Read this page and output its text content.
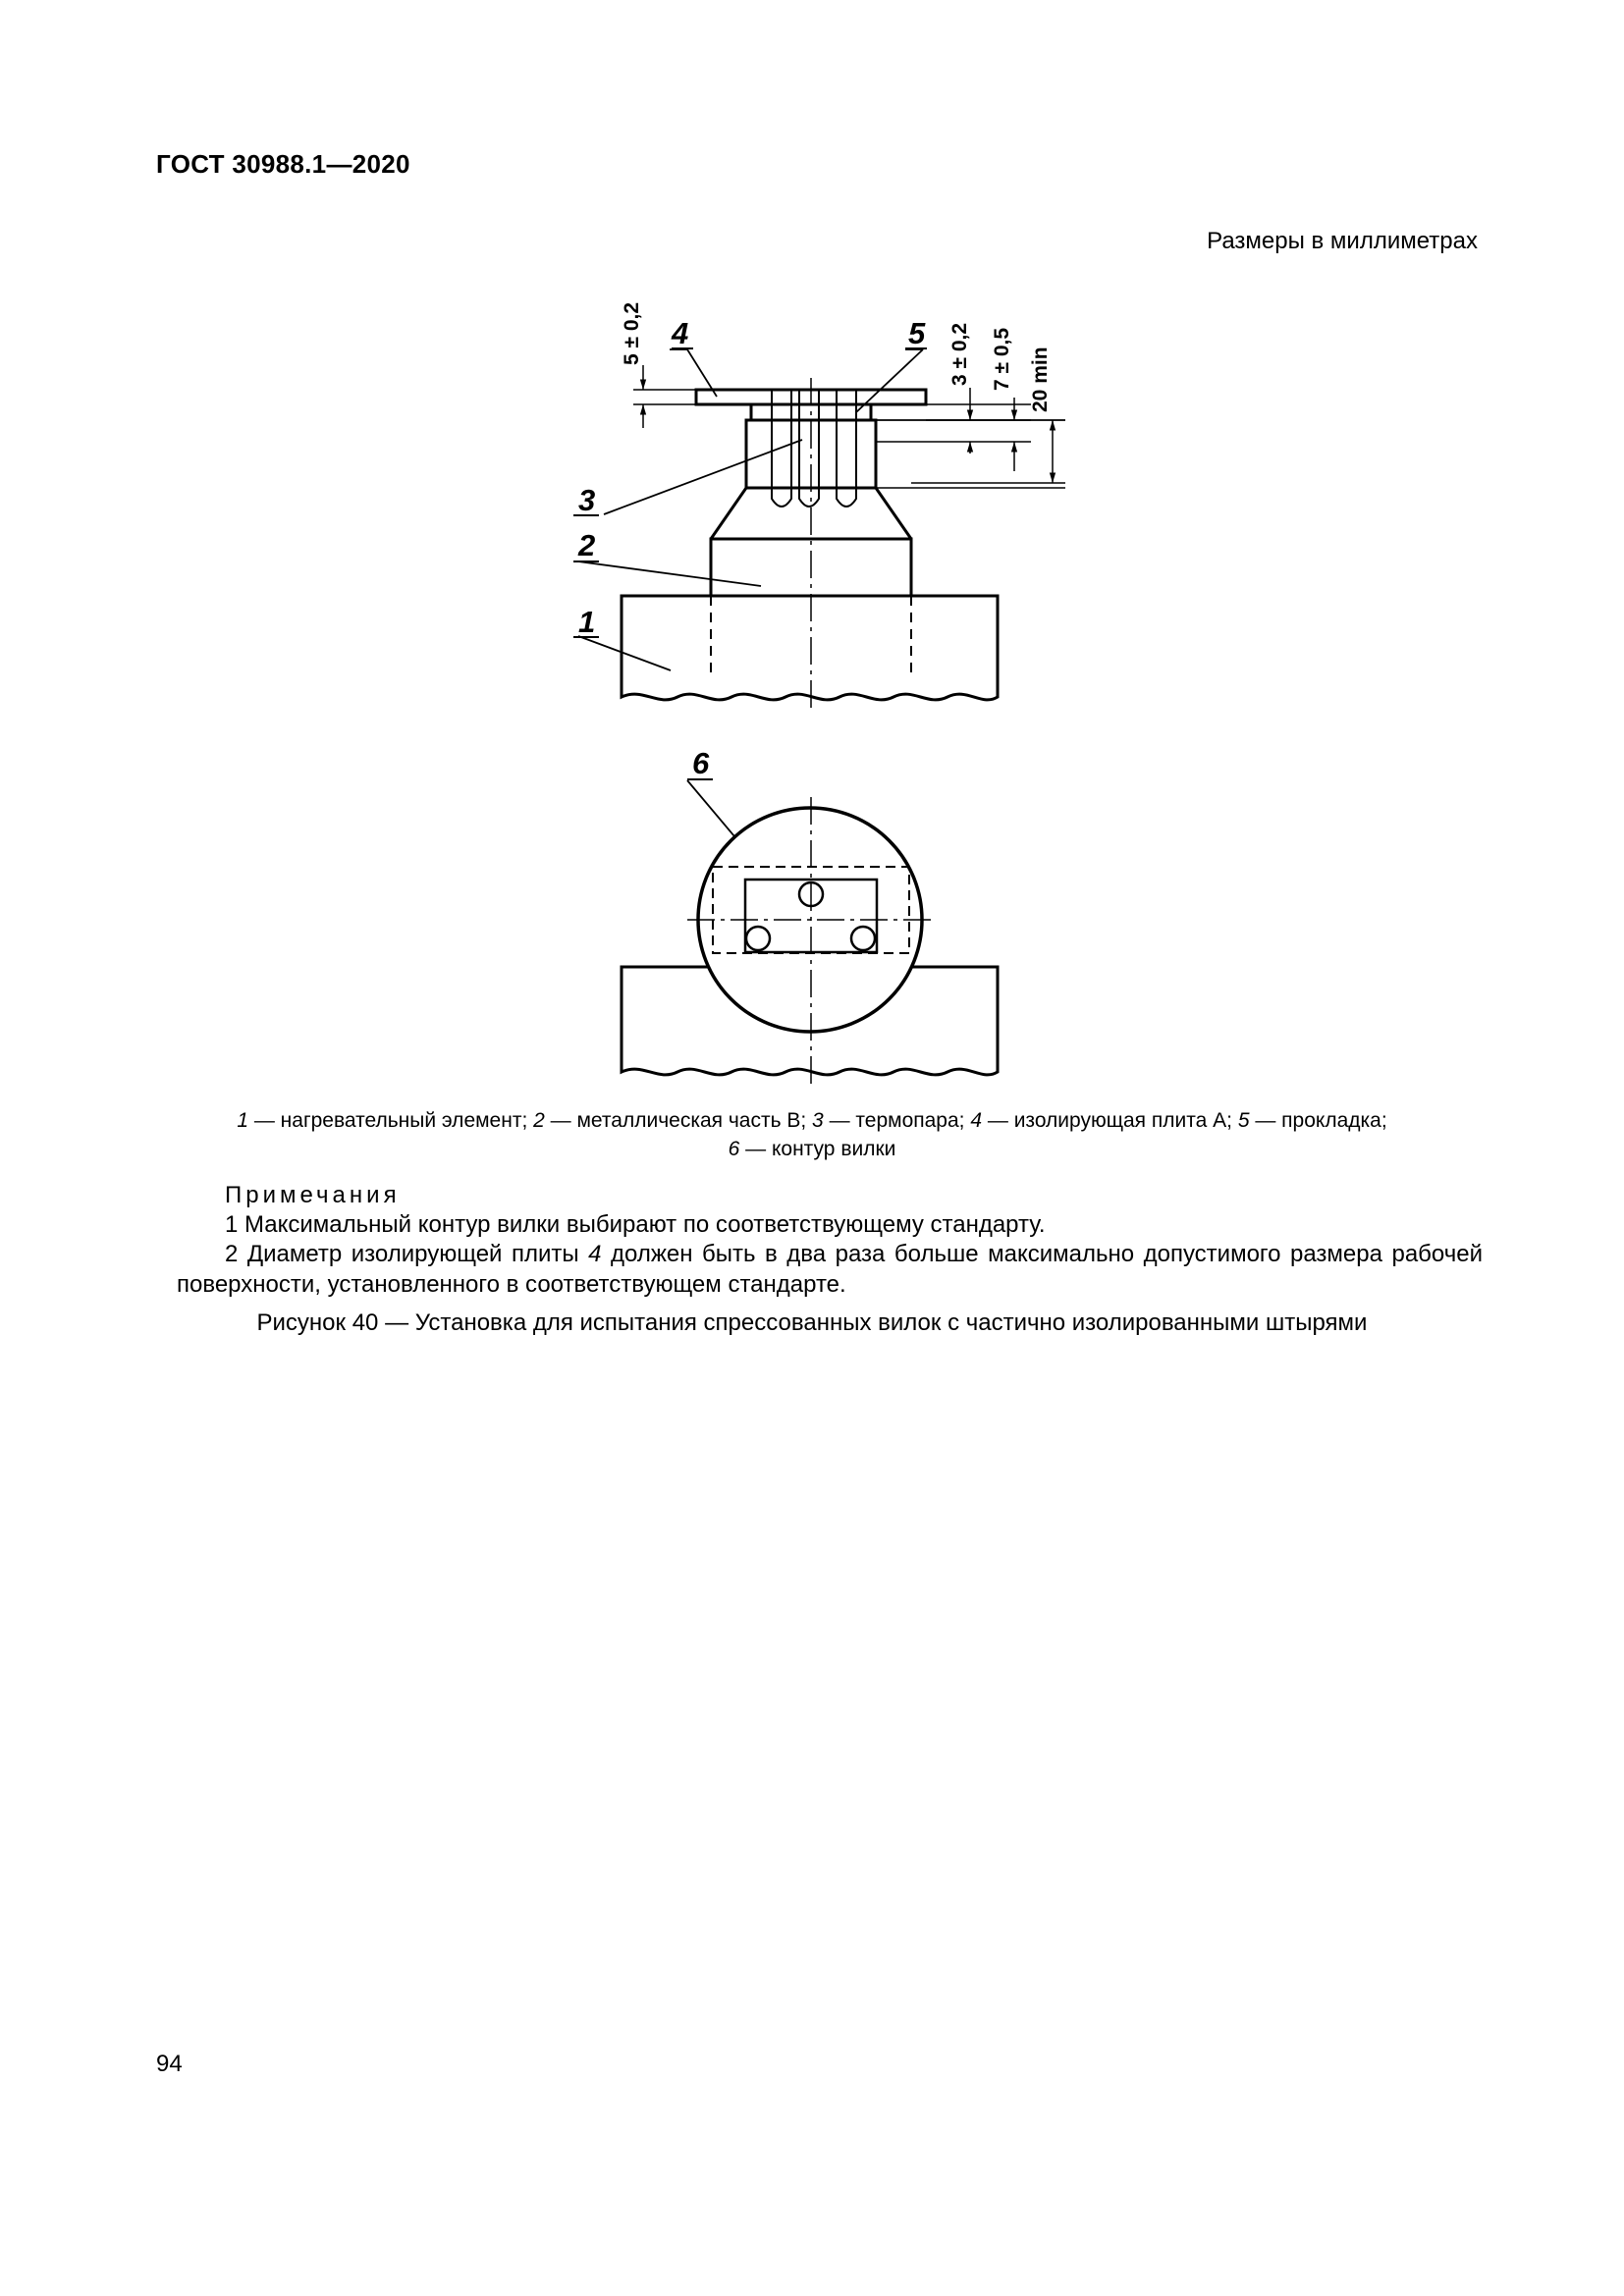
ГОСТ 30988.1—2020
Размеры в миллиметрах
4	5
3
2
1
6
5 ± 0,2	3 ± 0,2 7 ± 0,5 20 min
1 — нагревательный элемент; 2 — металлическая часть В; 3 — термопара; 4 — изолирующая плита А; 5 — прокладка;
6 — контур вилки
Примечания
1 Максимальный контур вилки выбирают по соответствующему стандарту.
2 Диаметр изолирующей плиты 4 должен быть в два раза больше максимально допустимого размера рабочей поверхности, установленного в соответствующем стандарте.
Рисунок 40 — Установка для испытания спрессованных вилок с частично изолированными штырями
94
